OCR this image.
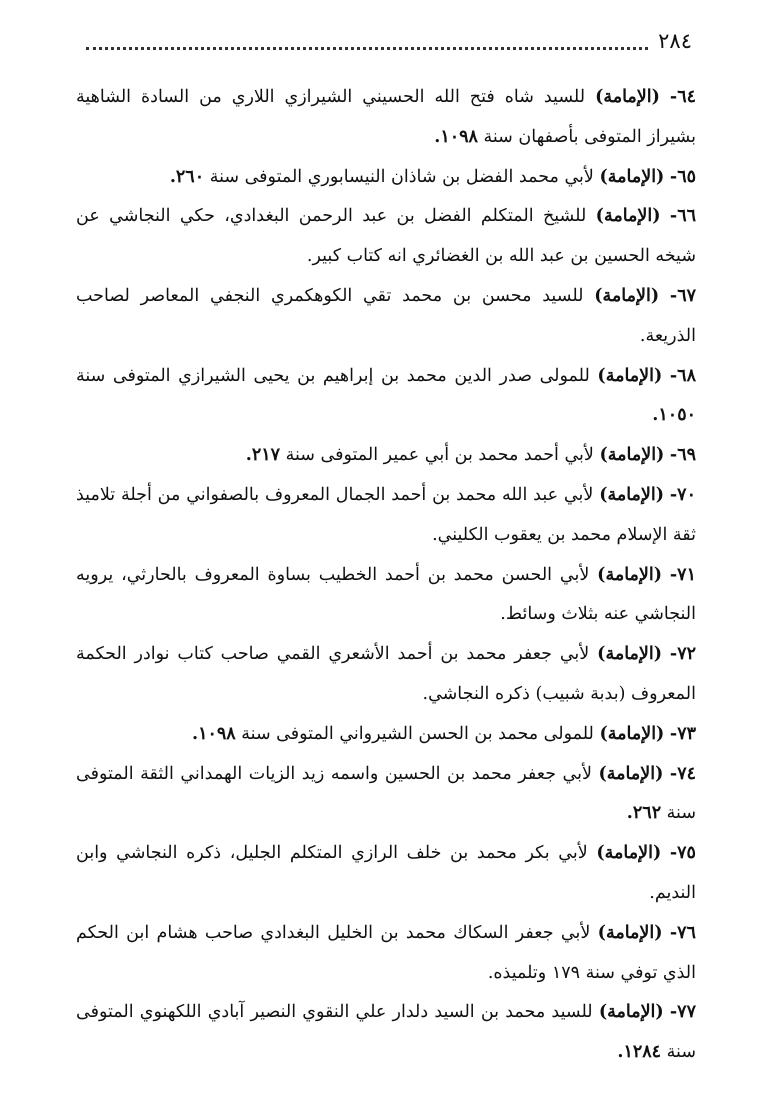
٢٨٤

٦٤- (الإمامة) للسيد شاه فتح الله الحسيني الشيرازي اللاري من السادة الشاهية بشيراز المتوفى بأصفهان سنة ١٠٩٨.

٦٥- (الإمامة) لأبي محمد الفضل بن شاذان النيسابوري المتوفى سنة ٢٦٠.

٦٦- (الإمامة) للشيخ المتكلم الفضل بن عبد الرحمن البغدادي، حكي النجاشي عن شيخه الحسين بن عبد الله بن الغضائري انه كتاب كبير.

٦٧- (الإمامة) للسيد محسن بن محمد تقي الكوهكمري النجفي المعاصر لصاحب الذريعة.

٦٨- (الإمامة) للمولى صدر الدين محمد بن إبراهيم بن يحيى الشيرازي المتوفى سنة ١٠٥٠.

٦٩- (الإمامة) لأبي أحمد محمد بن أبي عمير المتوفى سنة ٢١٧.

٧٠- (الإمامة) لأبي عبد الله محمد بن أحمد الجمال المعروف بالصفواني من أجلة تلاميذ ثقة الإسلام محمد بن يعقوب الكليني.

٧١- (الإمامة) لأبي الحسن محمد بن أحمد الخطيب بساوة المعروف بالحارثي، يرويه النجاشي عنه بثلاث وسائط.

٧٢- (الإمامة) لأبي جعفر محمد بن أحمد الأشعري القمي صاحب كتاب نوادر الحكمة المعروف (بدبة شبيب) ذكره النجاشي.

٧٣- (الإمامة) للمولى محمد بن الحسن الشيرواني المتوفى سنة ١٠٩٨.

٧٤- (الإمامة) لأبي جعفر محمد بن الحسين واسمه زيد الزيات الهمداني الثقة المتوفى سنة ٢٦٢.

٧٥- (الإمامة) لأبي بكر محمد بن خلف الرازي المتكلم الجليل، ذكره النجاشي وابن النديم.

٧٦- (الإمامة) لأبي جعفر السكاك محمد بن الخليل البغدادي صاحب هشام ابن الحكم الذي توفي سنة ١٧٩ وتلميذه.

٧٧- (الإمامة) للسيد محمد بن السيد دلدار علي النقوي النصير آبادي اللكهنوي المتوفى سنة ١٢٨٤.
